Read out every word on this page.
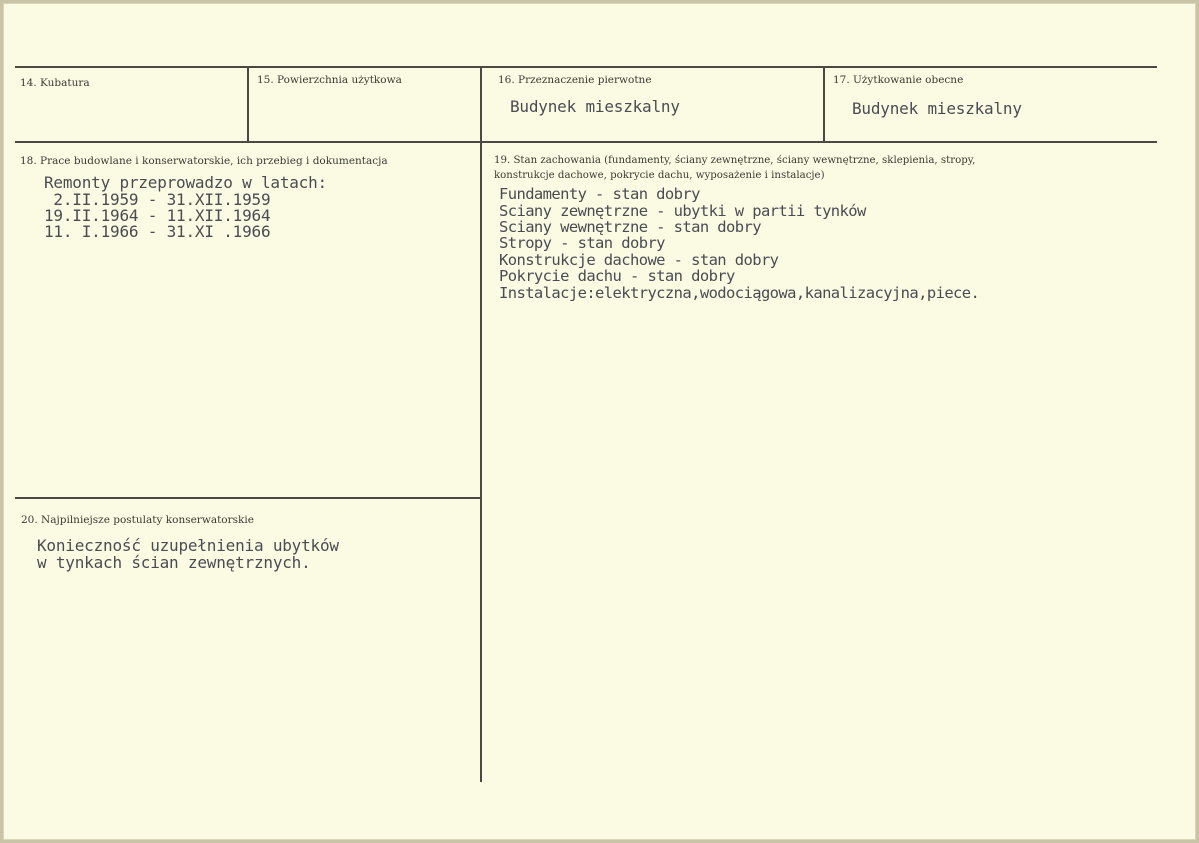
14. Kubatura	15. Powierzchnia użytkowa	16. Przeznaczenie pierwotne
Budynek mieszkalny
17. Użytkowanie obecne
Budynek mieszkalny
18. Prace budowlane i konserwatorskie, ich przebieg i dokumentacja
Remonty przeprowadzo w latach:
2.II.1959 - 31.XII.1959
19.II.1964 - 11.XII.1964
11. I.1966 - 31.XI .1966
19. Stan zachowania (fundamenty, ściany zewnętrzne, ściany wewnętrzne, sklepienia, stropy,
konstrukcje dachowe, pokrycie dachu, wyposażenie i instalacje)
Fundamenty - stan dobry
Sciany zewnętrzne - ubytki w partii tynków
Sciany wewnętrzne - stan dobry
Stropy - stan dobry
Konstrukcje dachowe - stan dobry
Pokrycie dachu - stan dobry
Instalacje:elektryczna,wodociągowa,kanalizacyjna,piece.
20. Najpilniejsze postulaty konserwatorskie
Konieczność uzupełnienia ubytków
w tynkach ścian zewnętrznych.
